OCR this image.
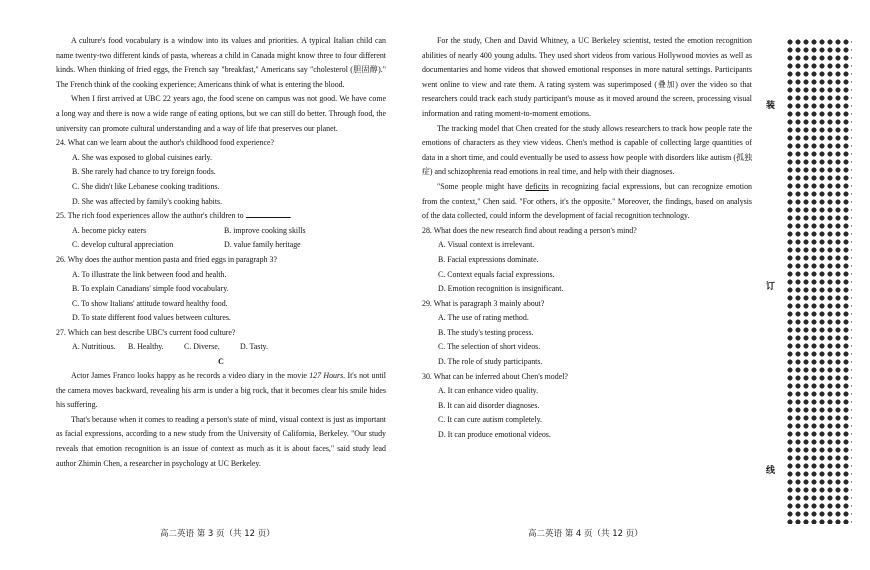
A culture's food vocabulary is a window into its values and priorities. A typical Italian child can name twenty-two different kinds of pasta, whereas a child in Canada might know three to four different kinds. When thinking of fried eggs, the French say "breakfast," Americans say "cholesterol (胆固醇)." The French think of the cooking experience; Americans think of what is entering the blood.

When I first arrived at UBC 22 years ago, the food scene on campus was not good. We have come a long way and there is now a wide range of eating options, but we can still do better. Through food, the university can promote cultural understanding and a way of life that preserves our planet.

24. What can we learn about the author's childhood food experience?

A. She was exposed to global cuisines early.

B. She rarely had chance to try foreign foods.

C. She didn't like Lebanese cooking traditions.

D. She was affected by family's cooking habits.

25. The rich food experiences allow the author's children to	.

A. become picky eaters	B. improve cooking skills
C. develop cultural appreciation	D. value family heritage

26. Why does the author mention pasta and fried eggs in paragraph 3?

A. To illustrate the link between food and health.

B. To explain Canadians' simple food vocabulary.

C. To show Italians' attitude toward healthy food.

D. To state different food values between cultures.

27. Which can best describe UBC's current food culture?

A. Nutritious.	B. Healthy.	C. Diverse.	D. Tasty.

C

Actor James Franco looks happy as he records a video diary in the movie 127 Hours. It's not until the camera moves backward, revealing his arm is under a big rock, that it becomes clear his smile hides his suffering.

That's because when it comes to reading a person's state of mind, visual context is just as important as facial expressions, according to a new study from the University of California, Berkeley. "Our study reveals that emotion recognition is an issue of context as much as it is about faces," said study lead author Zhimin Chen, a researcher in psychology at UC Berkeley.

高二英语 第 3 页（共 12 页）

For the study, Chen and David Whitney, a UC Berkeley scientist, tested the emotion recognition abilities of nearly 400 young adults. They used short videos from various Hollywood movies as well as documentaries and home videos that showed emotional responses in more natural settings. Participants went online to view and rate them. A rating system was superimposed (叠加) over the video so that researchers could track each study participant's mouse as it moved around the screen, processing visual information and rating moment-to-moment emotions.

The tracking model that Chen created for the study allows researchers to track how people rate the emotions of characters as they view videos. Chen's method is capable of collecting large quantities of data in a short time, and could eventually be used to assess how people with disorders like autism (孤独症) and schizophrenia read emotions in real time, and help with their diagnoses.

"Some people might have deficits in recognizing facial expressions, but can recognize emotion from the context," Chen said. "For others, it's the opposite." Moreover, the findings, based on analysis of the data collected, could inform the development of facial recognition technology.

28. What does the new research find about reading a person's mind?

A. Visual context is irrelevant.

B. Facial expressions dominate.

C. Context equals facial expressions.

D. Emotion recognition is insignificant.

29. What is paragraph 3 mainly about?

A. The use of rating method.

B. The study's testing process.

C. The selection of short videos.

D. The role of study participants.

30. What can be inferred about Chen's model?

A. It can enhance video quality.

B. It can aid disorder diagnoses.

C. It can cure autism completely.

D. It can produce emotional videos.

高二英语 第 4 页（共 12 页）
装
订
线
